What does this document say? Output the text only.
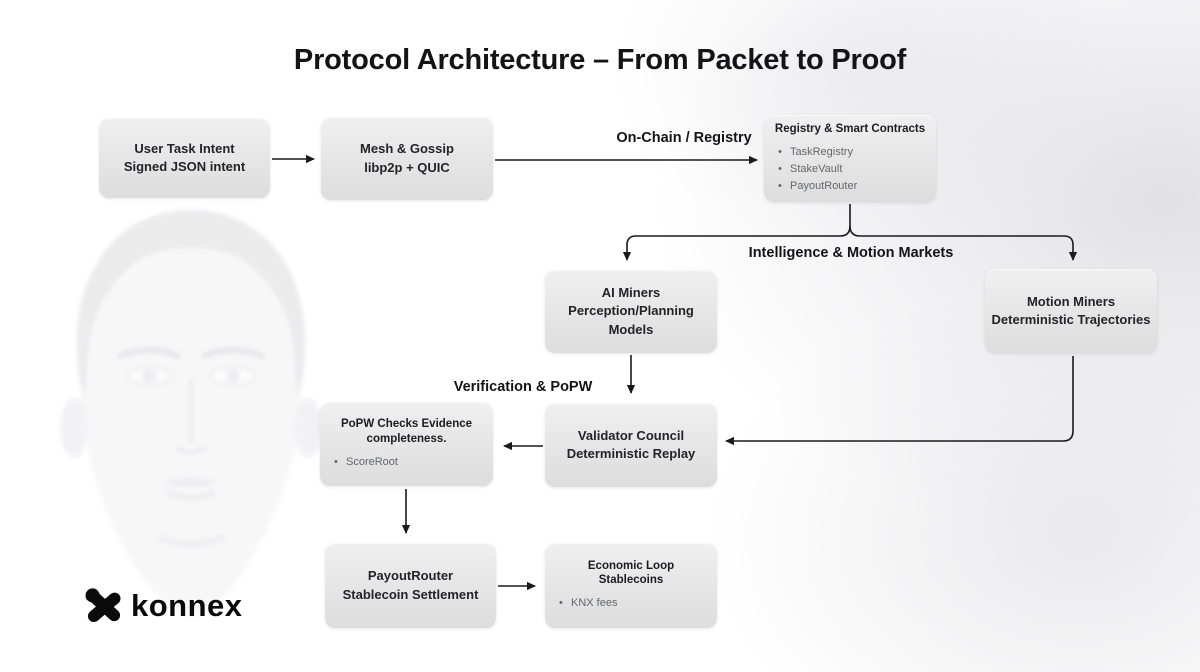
Protocol Architecture – From Packet to Proof
On-Chain / Registry
Intelligence & Motion Markets
Verification & PoPW
User Task Intent
Signed JSON intent
Mesh & Gossip
libp2p + QUIC
Registry & Smart Contracts
• TaskRegistry
• StakeVault
• PayoutRouter
AI Miners
Perception/Planning Models
Motion Miners
Deterministic Trajectories
PoPW Checks Evidence completeness.
• ScoreRoot
Validator Council
Deterministic Replay
PayoutRouter
Stablecoin Settlement
Economic Loop Stablecoins
• KNX fees
konnex
